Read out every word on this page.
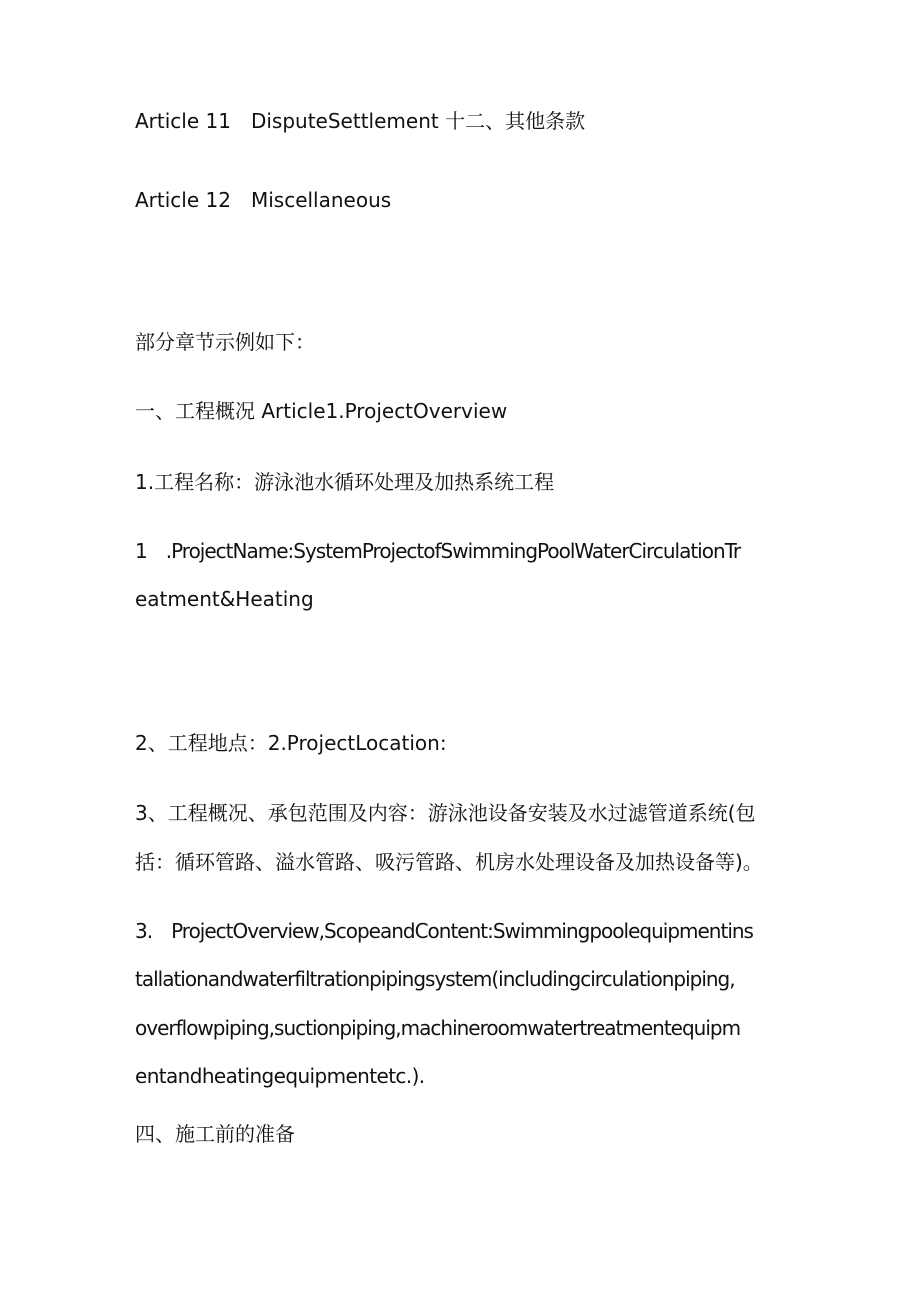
Article 11　DisputeSettlement 十二、其他条款
Article 12　Miscellaneous
部分章节示例如下：
一、工程概况 Article1.ProjectOverview
1.工程名称：游泳池水循环处理及加热系统工程
1　.ProjectName:SystemProjectofSwimmingPoolWaterCirculationTr
eatment&Heating
2、工程地点：2.ProjectLocation:
3、工程概况、承包范围及内容：游泳池设备安装及水过滤管道系统(包
括：循环管路、溢水管路、吸污管路、机房水处理设备及加热设备等)。
3.　ProjectOverview,ScopeandContent:Swimmingpoolequipmentins
tallationandwaterfiltrationpipingsystem(includingcirculationpiping,
overflowpiping,suctionpiping,machineroomwatertreatmentequipm
entandheatingequipmentetc.).
四、施工前的准备
